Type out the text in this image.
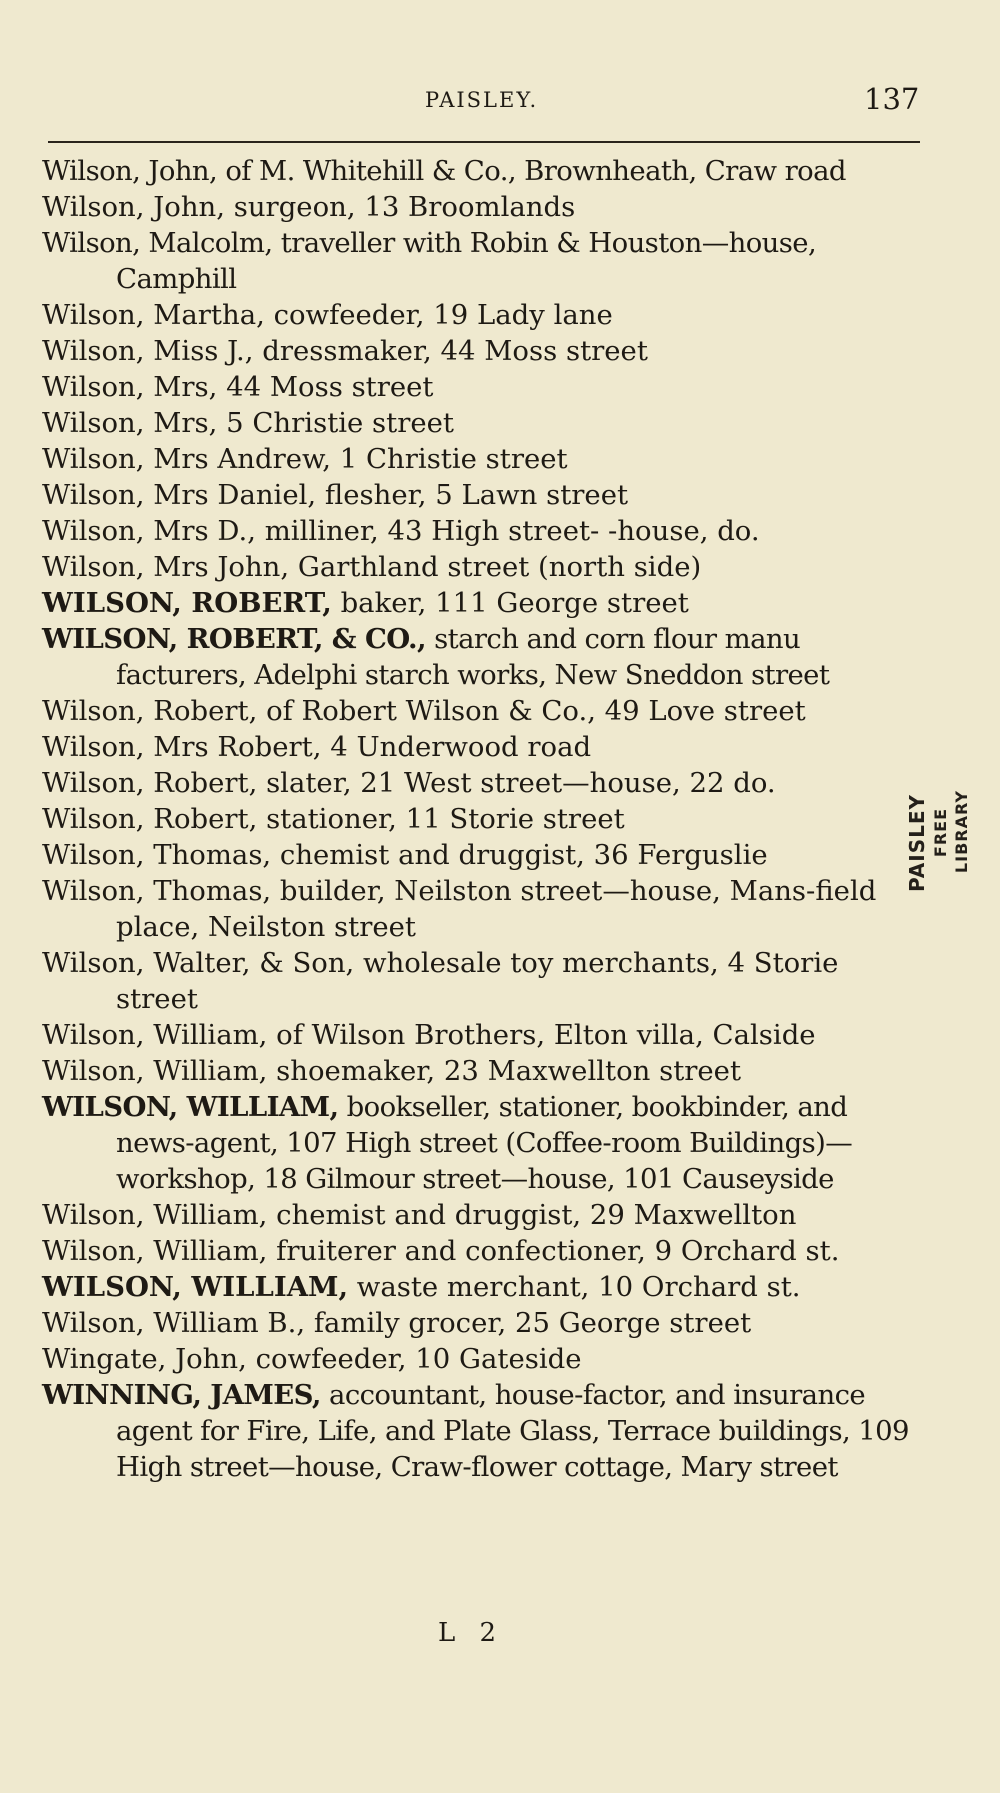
PAISLEY.	137
Wilson, John, of M. Whitehill & Co., Brownheath, Craw road
Wilson, John, surgeon, 13 Broomlands
Wilson, Malcolm, traveller with Robin & Houston—house, Camphill
Wilson, Martha, cowfeeder, 19 Lady lane
Wilson, Miss J., dressmaker, 44 Moss street
Wilson, Mrs, 44 Moss street
Wilson, Mrs, 5 Christie street
Wilson, Mrs Andrew, 1 Christie street
Wilson, Mrs Daniel, flesher, 5 Lawn street
Wilson, Mrs D., milliner, 43 High street- -house, do.
Wilson, Mrs John, Garthland street (north side)
WILSON, ROBERT, baker, 111 George street
WILSON, ROBERT, & CO., starch and corn flour manu facturers, Adelphi starch works, New Sneddon street
Wilson, Robert, of Robert Wilson & Co., 49 Love street
Wilson, Mrs Robert, 4 Underwood road
Wilson, Robert, slater, 21 West street—house, 22 do.
Wilson, Robert, stationer, 11 Storie street
Wilson, Thomas, chemist and druggist, 36 Ferguslie
Wilson, Thomas, builder, Neilston street—house, Mans-field place, Neilston street
Wilson, Walter, & Son, wholesale toy merchants, 4 Storie street
Wilson, William, of Wilson Brothers, Elton villa, Calside
Wilson, William, shoemaker, 23 Maxwellton street
WILSON, WILLIAM, bookseller, stationer, bookbinder, and news-agent, 107 High street (Coffee-room Buildings)—workshop, 18 Gilmour street—house, 101 Causeyside
Wilson, William, chemist and druggist, 29 Maxwellton
Wilson, William, fruiterer and confectioner, 9 Orchard st.
WILSON, WILLIAM, waste merchant, 10 Orchard st.
Wilson, William B., family grocer, 25 George street
Wingate, John, cowfeeder, 10 Gateside
WINNING, JAMES, accountant, house-factor, and insurance agent for Fire, Life, and Plate Glass, Terrace buildings, 109 High street—house, Craw-flower cottage, Mary street
L 2
PAISLEY FREE LIBRARY
